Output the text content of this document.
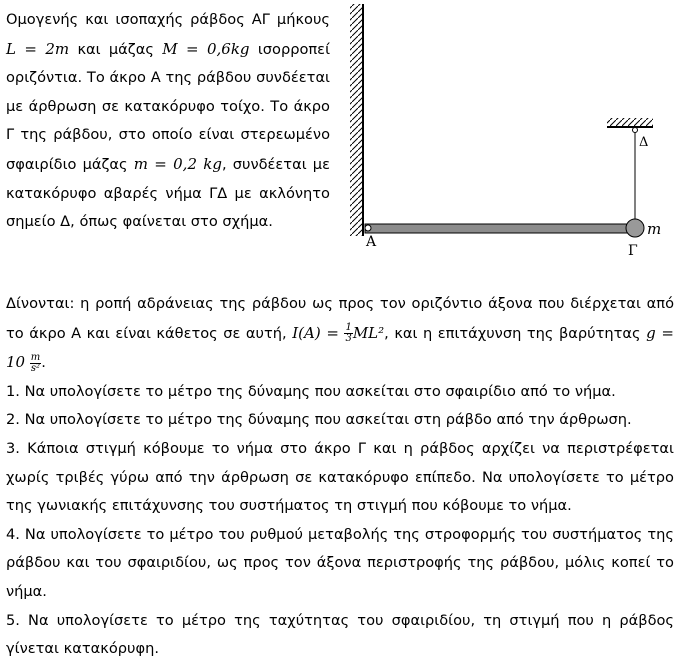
Ομογενής και ισοπαχής ράβδος ΑΓ μήκους L = 2m και μάζας M = 0,6kg ισορροπεί οριζόντια. Το άκρο Α της ράβδου συνδέεται με άρθρωση σε κατακόρυφο τοίχο. Το άκρο Γ της ράβδου, στο οποίο είναι στερεωμένο σφαιρίδιο μάζας m = 0,2 kg, συνδέεται με κατακόρυφο αβαρές νήμα ΓΔ με ακλόνητο σημείο Δ, όπως φαίνεται στο σχήμα.
Α
Γ
Δ
m

Δίνονται: η ροπή αδράνειας της ράβδου ως προς τον οριζόντιο άξονα που διέρχεται από το άκρο Α και είναι κάθετος σε αυτή, $I(A) = \frac{1}{3} ML^2$, και η επιτάχυνση της βαρύτητας $g = 10 \frac{m}{\text{s²}}$ .

1. Να υπολογίσετε το μέτρο της δύναμης που ασκείται στο σφαιρίδιο από το νήμα.

2. Να υπολογίσετε το μέτρο της δύναμης που ασκείται στη ράβδο από την άρθρωση.

3. Κάποια στιγμή κόβουμε το νήμα στο άκρο Γ και η ράβδος αρχίζει να περιστρέφεται χωρίς τριβές γύρω από την άρθρωση σε κατακόρυφο επίπεδο. Να υπολογίσετε το μέτρο της γωνιακής επιτάχυνσης του συστήματος τη στιγμή που κόβουμε το νήμα.

4. Να υπολογίσετε το μέτρο του ρυθμού μεταβολής της στροφορμής του συστήματος της ράβδου και του σφαιριδίου, ως προς τον άξονα περιστροφής της ράβδου, μόλις κοπεί το νήμα.

5. Να υπολογίσετε το μέτρο της ταχύτητας του σφαιριδίου, τη στιγμή που η ράβδος γίνεται κατακόρυφη.
